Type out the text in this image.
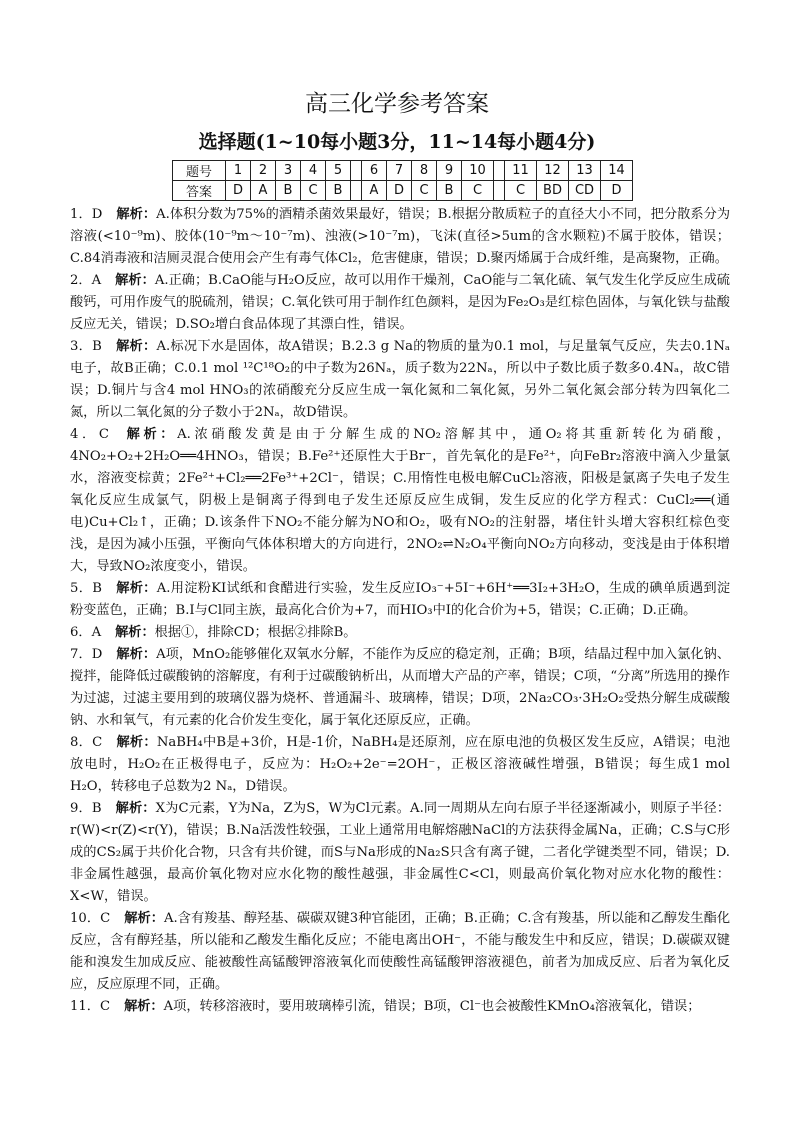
高三化学参考答案
选择题(1~10每小题3分，11~14每小题4分)
题号	1	2	3	4	5		6	7	8	9	10		11	12	13	14
答案	D	A	B	C	B		A	D	C	B	C		C	BD	CD	D
1．D 解析：A.体积分数为75%的酒精杀菌效果最好，错误；B.根据分散质粒子的直径大小不同，把分散系分为溶液(<10⁻⁹m)、胶体(10⁻⁹m～10⁻⁷m)、浊液(>10⁻⁷m)，飞沫(直径>5um的含水颗粒)不属于胶体，错误；C.84消毒液和洁厕灵混合使用会产生有毒气体Cl₂，危害健康，错误；D.聚丙烯属于合成纤维，是高聚物，正确。
2．A 解析：A.正确；B.CaO能与H₂O反应，故可以用作干燥剂，CaO能与二氧化硫、氧气发生化学反应生成硫酸钙，可用作废气的脱硫剂，错误；C.氧化铁可用于制作红色颜料，是因为Fe₂O₃是红棕色固体，与氧化铁与盐酸反应无关，错误；D.SO₂增白食品体现了其漂白性，错误。
3．B 解析：A.标况下水是固体，故A错误；B.2.3 g Na的物质的量为0.1 mol，与足量氧气反应，失去0.1Nₐ电子，故B正确；C.0.1 mol ¹²C¹⁸O₂的中子数为26Nₐ，质子数为22Nₐ，所以中子数比质子数多0.4Nₐ，故C错误；D.铜片与含4 mol HNO₃的浓硝酸充分反应生成一氧化氮和二氧化氮，另外二氧化氮会部分转为四氧化二氮，所以二氧化氮的分子数小于2Nₐ，故D错误。
4．C 解析：A.浓硝酸发黄是由于分解生成的NO₂溶解其中，通O₂将其重新转化为硝酸，4NO₂+O₂+2H₂O══4HNO₃，错误；B.Fe²⁺还原性大于Br⁻，首先氧化的是Fe²⁺，向FeBr₂溶液中滴入少量氯水，溶液变棕黄；2Fe²⁺+Cl₂══2Fe³⁺+2Cl⁻，错误；C.用惰性电极电解CuCl₂溶液，阳极是氯离子失电子发生氧化反应生成氯气，阴极上是铜离子得到电子发生还原反应生成铜，发生反应的化学方程式：CuCl₂══(通电)Cu+Cl₂↑，正确；D.该条件下NO₂不能分解为NO和O₂，吸有NO₂的注射器，堵住针头增大容积红棕色变浅，是因为减小压强，平衡向气体体积增大的方向进行，2NO₂⇌N₂O₄平衡向NO₂方向移动，变浅是由于体积增大，导致NO₂浓度变小，错误。
5．B 解析：A.用淀粉KI试纸和食醋进行实验，发生反应IO₃⁻+5I⁻+6H⁺══3I₂+3H₂O，生成的碘单质遇到淀粉变蓝色，正确；B.I与Cl同主族，最高化合价为+7，而HIO₃中I的化合价为+5，错误；C.正确；D.正确。
6．A 解析：根据①，排除CD；根据②排除B。
7．D 解析：A项，MnO₂能够催化双氧水分解，不能作为反应的稳定剂，正确；B项，结晶过程中加入氯化钠、搅拌，能降低过碳酸钠的溶解度，有利于过碳酸钠析出，从而增大产品的产率，错误；C项，“分离”所选用的操作为过滤，过滤主要用到的玻璃仪器为烧杯、普通漏斗、玻璃棒，错误；D项，2Na₂CO₃·3H₂O₂受热分解生成碳酸钠、水和氧气，有元素的化合价发生变化，属于氧化还原反应，正确。
8．C 解析：NaBH₄中B是+3价，H是-1价，NaBH₄是还原剂，应在原电池的负极区发生反应，A错误；电池放电时，H₂O₂在正极得电子，反应为：H₂O₂+2e⁻=2OH⁻，正极区溶液碱性增强，B错误；每生成1 mol H₂O，转移电子总数为2 Nₐ，D错误。
9．B 解析：X为C元素，Y为Na，Z为S，W为Cl元素。A.同一周期从左向右原子半径逐渐减小，则原子半径：r(W)<r(Z)<r(Y)，错误；B.Na活泼性较强，工业上通常用电解熔融NaCl的方法获得金属Na，正确；C.S与C形成的CS₂属于共价化合物，只含有共价键，而S与Na形成的Na₂S只含有离子键，二者化学键类型不同，错误；D.非金属性越强，最高价氧化物对应水化物的酸性越强，非金属性C<Cl，则最高价氧化物对应水化物的酸性：X<W，错误。
10．C 解析：A.含有羧基、醇羟基、碳碳双键3种官能团，正确；B.正确；C.含有羧基，所以能和乙醇发生酯化反应，含有醇羟基，所以能和乙酸发生酯化反应；不能电离出OH⁻，不能与酸发生中和反应，错误；D.碳碳双键能和溴发生加成反应、能被酸性高锰酸钾溶液氧化而使酸性高锰酸钾溶液褪色，前者为加成反应、后者为氧化反应，反应原理不同，正确。
11．C 解析：A项，转移溶液时，要用玻璃棒引流，错误；B项，Cl⁻也会被酸性KMnO₄溶液氧化，错误；
